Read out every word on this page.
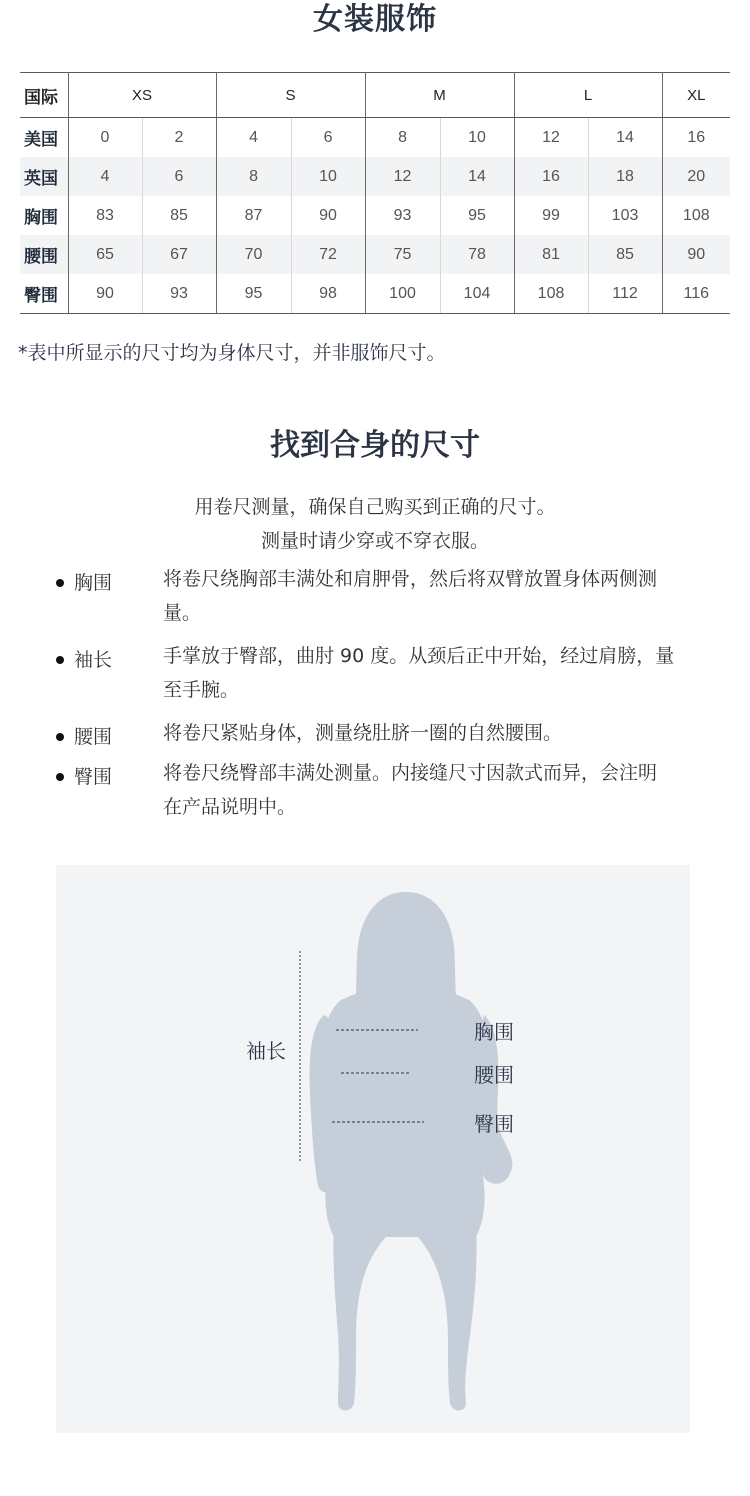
女装服饰
国际	XS		S		M		L		XL
美国	0	2	4	6	8	10	12	14	16
英国	4	6	8	10	12	14	16	18	20
胸围	83	85	87	90	93	95	99	103	108
腰围	65	67	70	72	75	78	81	85	90
臀围	90	93	95	98	100	104	108	112	116
*表中所显示的尺寸均为身体尺寸，并非服饰尺寸。
找到合身的尺寸
用卷尺测量，确保自己购买到正确的尺寸。
测量时请少穿或不穿衣服。
胸围	将卷尺绕胸部丰满处和肩胛骨，然后将双臂放置身体两侧测量。
袖长	手掌放于臀部，曲肘 90 度。从颈后正中开始，经过肩膀，量至手腕。
腰围	将卷尺紧贴身体，测量绕肚脐一圈的自然腰围。
臀围	将卷尺绕臀部丰满处测量。内接缝尺寸因款式而异，会注明在产品说明中。
袖长
胸围
腰围
臀围
